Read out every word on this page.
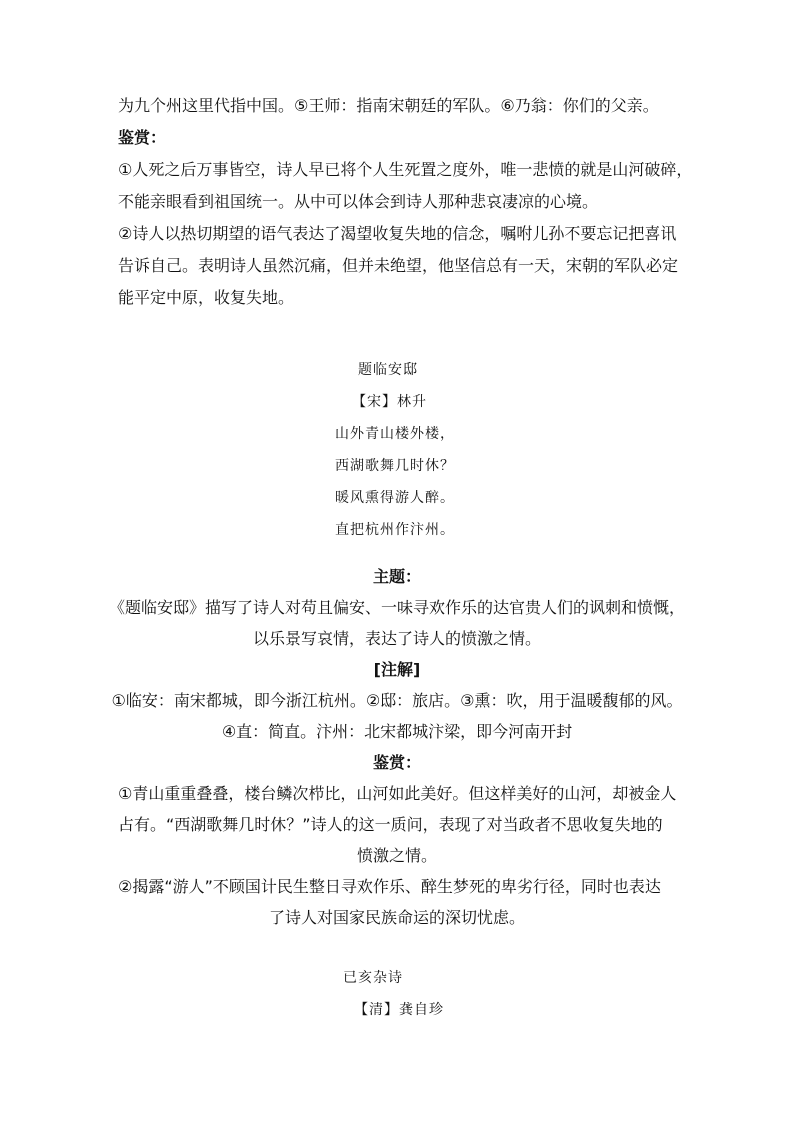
为九个州这里代指中国。⑤王师：指南宋朝廷的军队。⑥乃翁：你们的父亲。
鉴赏：
①人死之后万事皆空，诗人早已将个人生死置之度外，唯一悲愤的就是山河破碎，
不能亲眼看到祖国统一。从中可以体会到诗人那种悲哀凄凉的心境。
②诗人以热切期望的语气表达了渴望收复失地的信念，嘱咐儿孙不要忘记把喜讯
告诉自己。表明诗人虽然沉痛，但并未绝望，他坚信总有一天，宋朝的军队必定
能平定中原，收复失地。
题临安邸
【宋】林升
山外青山楼外楼，
西湖歌舞几时休？
暖风熏得游人醉。
直把杭州作汴州。
主题：
《题临安邸》描写了诗人对苟且偏安、一味寻欢作乐的达官贵人们的讽刺和愤慨，
以乐景写哀情，表达了诗人的愤激之情。
[注解]
①临安：南宋都城，即今浙江杭州。②邸：旅店。③熏：吹，用于温暖馥郁的风。
④直：简直。汴州：北宋都城汴梁，即今河南开封
鉴赏：
①青山重重叠叠，楼台鳞次栉比，山河如此美好。但这样美好的山河，却被金人
占有。“西湖歌舞几时休？”诗人的这一质问，表现了对当政者不思收复失地的
愤激之情。
②揭露“游人”不顾国计民生整日寻欢作乐、醉生梦死的卑劣行径，同时也表达
了诗人对国家民族命运的深切忧虑。
已亥杂诗
【清】龚自珍
